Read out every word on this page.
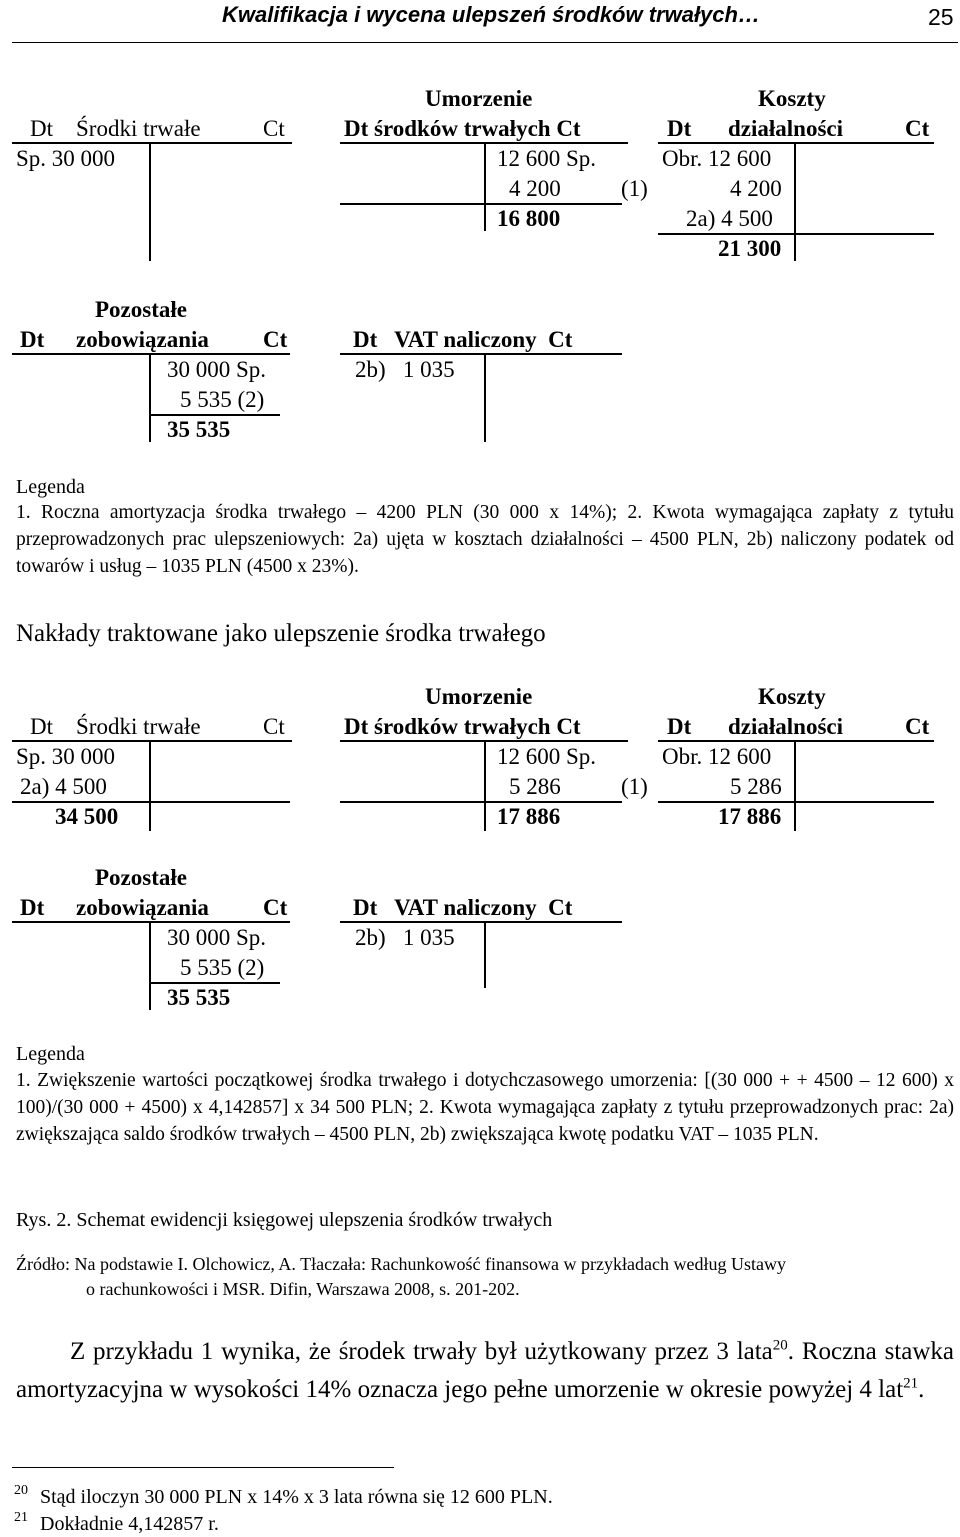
Kwalifikacja i wycena ulepszeń środków trwałych…	25
Dt Środki trwałe	Ct
Sp. 30 000
Umorzenie
Dt środków trwałych Ct
12 600 Sp.
4 200	(1)
16 800
Koszty
Dt działalności	Ct
Obr. 12 600
4 200
2a) 4 500
21 300
Pozostałe
Dt zobowiązania Ct
30 000 Sp.
5 535 (2)
35 535
Dt   VAT naliczony  Ct
2b)   1 035
Legenda
1. Roczna amortyzacja środka trwałego – 4200 PLN (30 000 x 14%); 2. Kwota wymagająca zapłaty z tytułu przeprowadzonych prac ulepszeniowych: 2a) ujęta w kosztach działalności – 4500 PLN, 2b) naliczony podatek od towarów i usług – 1035 PLN (4500 x 23%).
Nakłady traktowane jako ulepszenie środka trwałego
Dt Środki trwałe	Ct
Sp. 30 000
2a) 4 500
34 500
Umorzenie
Dt środków trwałych Ct
12 600 Sp.
5 286	(1)
17 886
Koszty
Dt działalności	Ct
Obr. 12 600
5 286
17 886
Pozostałe
Dt zobowiązania Ct
30 000 Sp.
5 535 (2)
35 535
Dt   VAT naliczony  Ct
2b)   1 035
Legenda
1. Zwiększenie wartości początkowej środka trwałego i dotychczasowego umorzenia: [(30 000 + + 4500 – 12 600) x 100)/(30 000 + 4500) x 4,142857] x 34 500 PLN; 2. Kwota wymagająca zapłaty z tytułu przeprowadzonych prac: 2a) zwiększająca saldo środków trwałych – 4500 PLN, 2b) zwiększająca kwotę podatku VAT – 1035 PLN.
Rys. 2. Schemat ewidencji księgowej ulepszenia środków trwałych
Źródło: Na podstawie I. Olchowicz, A. Tłaczała: Rachunkowość finansowa w przykładach według Ustawy
o rachunkowości i MSR. Difin, Warszawa 2008, s. 201-202.
Z przykładu 1 wynika, że środek trwały był użytkowany przez 3 lata$^{20}$. Roczna stawka amortyzacyjna w wysokości 14% oznacza jego pełne umorzenie w okresie powyżej 4 lat$^{21}$.
20 Stąd iloczyn 30 000 PLN x 14% x 3 lata równa się 12 600 PLN.
21 Dokładnie 4,142857 r.
